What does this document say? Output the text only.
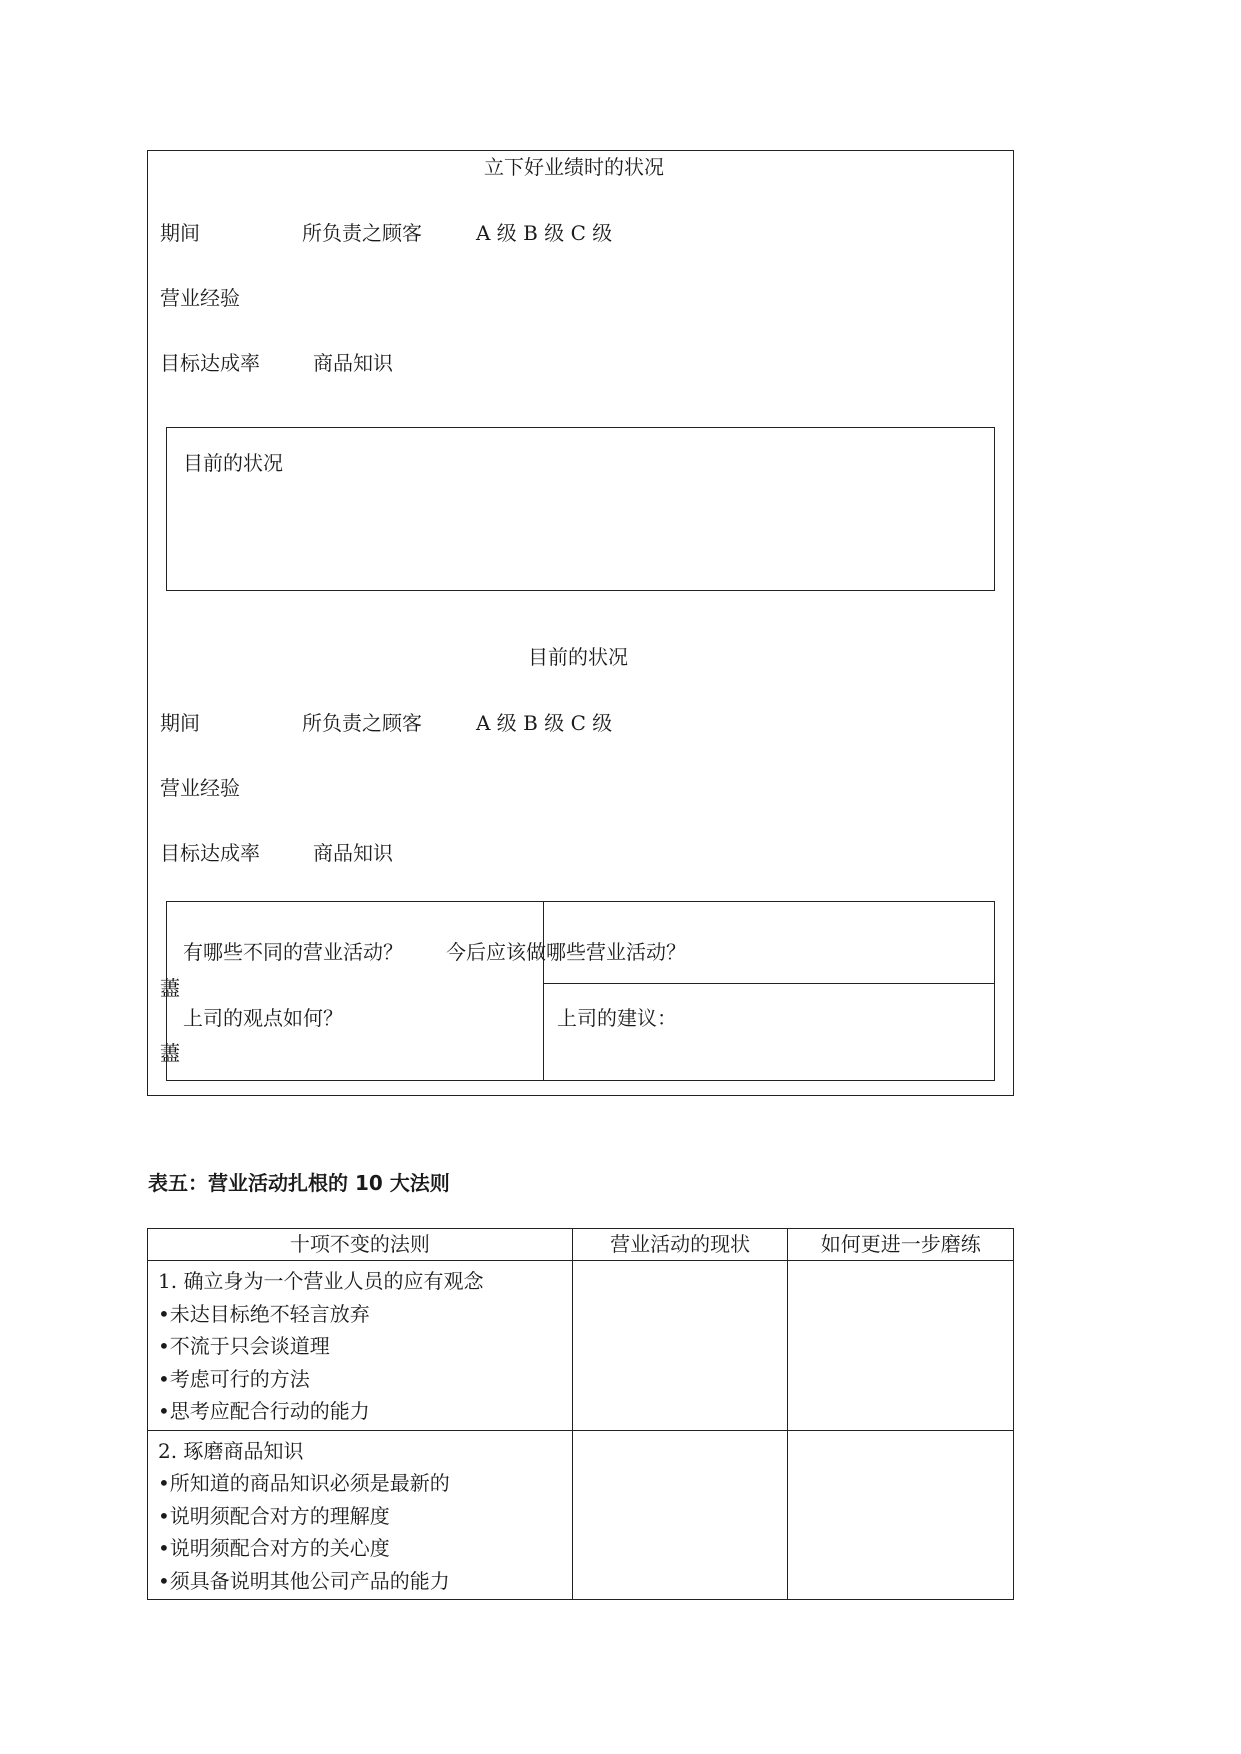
立下好业绩时的状况
期间	所负责之顾客	A 级 B 级 C 级
营业经验
目标达成率	商品知识
目前的状况
目前的状况
期间	所负责之顾客	A 级 B 级 C 级
营业经验
目标达成率	商品知识
有哪些不同的营业活动？ 今后应该做哪些营业活动？
藎
上司的观点如何？	上司的建议：
藎
表五：营业活动扎根的 10 大法则
十项不变的法则	营业活动的现状	如何更进一步磨练

1. 确立身为一个营业人员的应有观念
•未达目标绝不轻言放弃
•不流于只会谈道理
•考虑可行的方法
•思考应配合行动的能力		

2. 琢磨商品知识
•所知道的商品知识必须是最新的
•说明须配合对方的理解度
•说明须配合对方的关心度
•须具备说明其他公司产品的能力		
